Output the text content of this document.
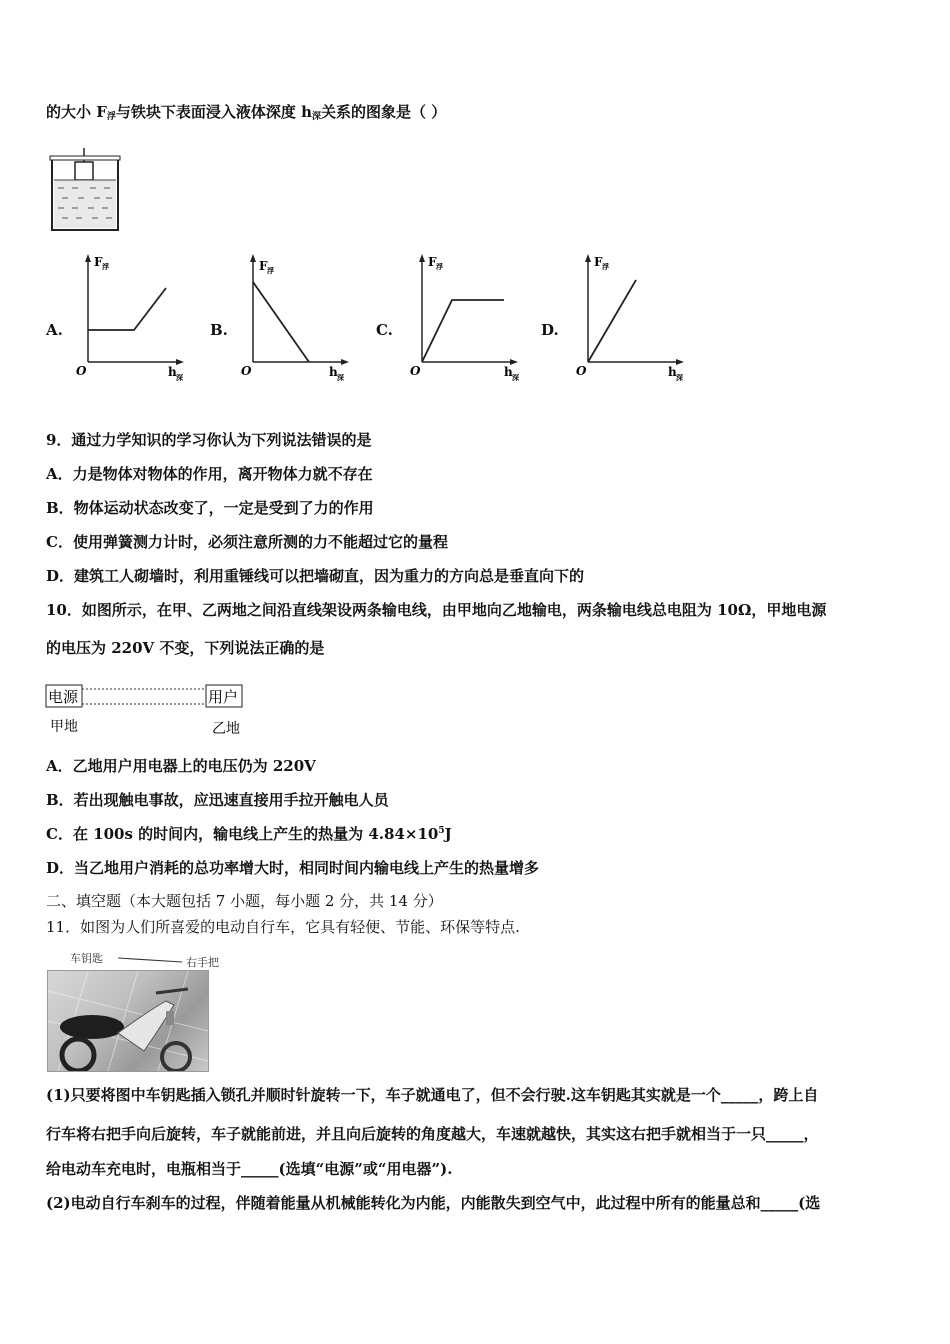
的大小 $F_浮$与铁块下表面浸入液体深度 $h_深$关系的图象是（ ）
A.	B.	C.	D.
F 浮
O	h 深
F 浮
O	h 深
F 浮
O	h 深
F 浮
O	h 深
9．通过力学知识的学习你认为下列说法错误的是
A．力是物体对物体的作用，离开物体力就不存在
B．物体运动状态改变了，一定是受到了力的作用
C．使用弹簧测力计时，必须注意所测的力不能超过它的量程
D．建筑工人砌墙时，利用重锤线可以把墙砌直，因为重力的方向总是垂直向下的
10．如图所示，在甲、乙两地之间沿直线架设两条输电线，由甲地向乙地输电，两条输电线总电阻为 10Ω，甲地电源
的电压为 220V 不变，下列说法正确的是
电源	用户
甲地	乙地
A．乙地用户用电器上的电压仍为 220V
B．若出现触电事故，应迅速直接用手拉开触电人员
C．在 100s 的时间内，输电线上产生的热量为 $4.84\times 10^5J$
D．当乙地用户消耗的总功率增大时，相同时间内输电线上产生的热量增多
二、填空题（本大题包括 7 小题，每小题 2 分，共 14 分）
11．如图为人们所喜爱的电动自行车，它具有轻便、节能、环保等特点.
车钥匙	右手把
(1)只要将图中车钥匙插入锁孔并顺时针旋转一下，车子就通电了，但不会行驶.这车钥匙其实就是一个_____，跨上自
行车将右把手向后旋转，车子就能前进，并且向后旋转的角度越大，车速就越快，其实这右把手就相当于一只_____，
给电动车充电时，电瓶相当于_____(选填“电源”或“用电器”).
(2)电动自行车刹车的过程，伴随着能量从机械能转化为内能，内能散失到空气中，此过程中所有的能量总和_____(选
